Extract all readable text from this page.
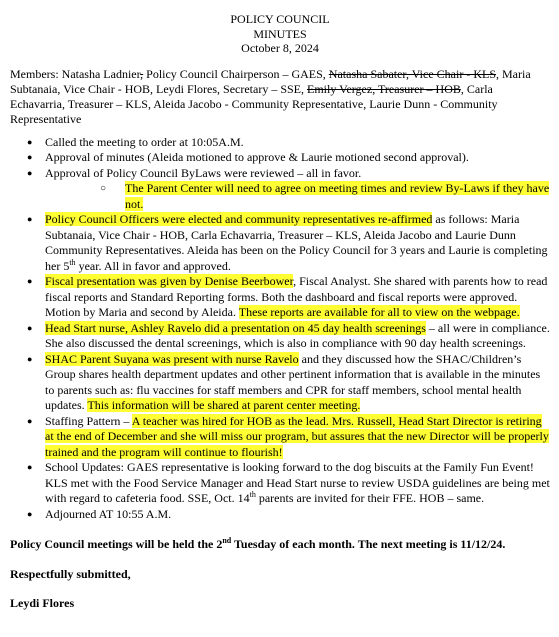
POLICY COUNCIL
MINUTES
October 8, 2024
Members: Natasha Ladnier, Policy Council Chairperson – GAES, Natasha Sabater, Vice Chair - KLS, Maria Subtanaia, Vice Chair - HOB, Leydi Flores, Secretary – SSE, Emily Vergez, Treasurer – HOB, Carla Echavarria, Treasurer – KLS, Aleida Jacobo - Community Representative, Laurie Dunn - Community Representative
● Called the meeting to order at 10:05A.M.
● Approval of minutes (Aleida motioned to approve & Laurie motioned second approval).
● Approval of Policy Council ByLaws were reviewed – all in favor.
○ The Parent Center will need to agree on meeting times and review By-Laws if they have not.
● Policy Council Officers were elected and community representatives re-affirmed as follows: Maria Subtanaia, Vice Chair - HOB, Carla Echavarria, Treasurer – KLS, Aleida Jacobo and Laurie Dunn Community Representatives. Aleida has been on the Policy Council for 3 years and Laurie is completing her 5th year. All in favor and approved.
● Fiscal presentation was given by Denise Beerbower, Fiscal Analyst. She shared with parents how to read fiscal reports and Standard Reporting forms. Both the dashboard and fiscal reports were approved. Motion by Maria and second by Aleida. These reports are available for all to view on the webpage.
● Head Start nurse, Ashley Ravelo did a presentation on 45 day health screenings – all were in compliance. She also discussed the dental screenings, which is also in compliance with 90 day health screenings.
● SHAC Parent Suyana was present with nurse Ravelo and they discussed how the SHAC/Children’s Group shares health department updates and other pertinent information that is available in the minutes to parents such as: flu vaccines for staff members and CPR for staff members, school mental health updates. This information will be shared at parent center meeting.
● Staffing Pattern – A teacher was hired for HOB as the lead. Mrs. Russell, Head Start Director is retiring at the end of December and she will miss our program, but assures that the new Director will be properly trained and the program will continue to flourish!
● School Updates: GAES representative is looking forward to the dog biscuits at the Family Fun Event! KLS met with the Food Service Manager and Head Start nurse to review USDA guidelines are being met with regard to cafeteria food. SSE, Oct. 14th parents are invited for their FFE. HOB – same.
● Adjourned AT 10:55 A.M.

Policy Council meetings will be held the 2nd Tuesday of each month. The next meeting is 11/12/24.

Respectfully submitted,

Leydi Flores
